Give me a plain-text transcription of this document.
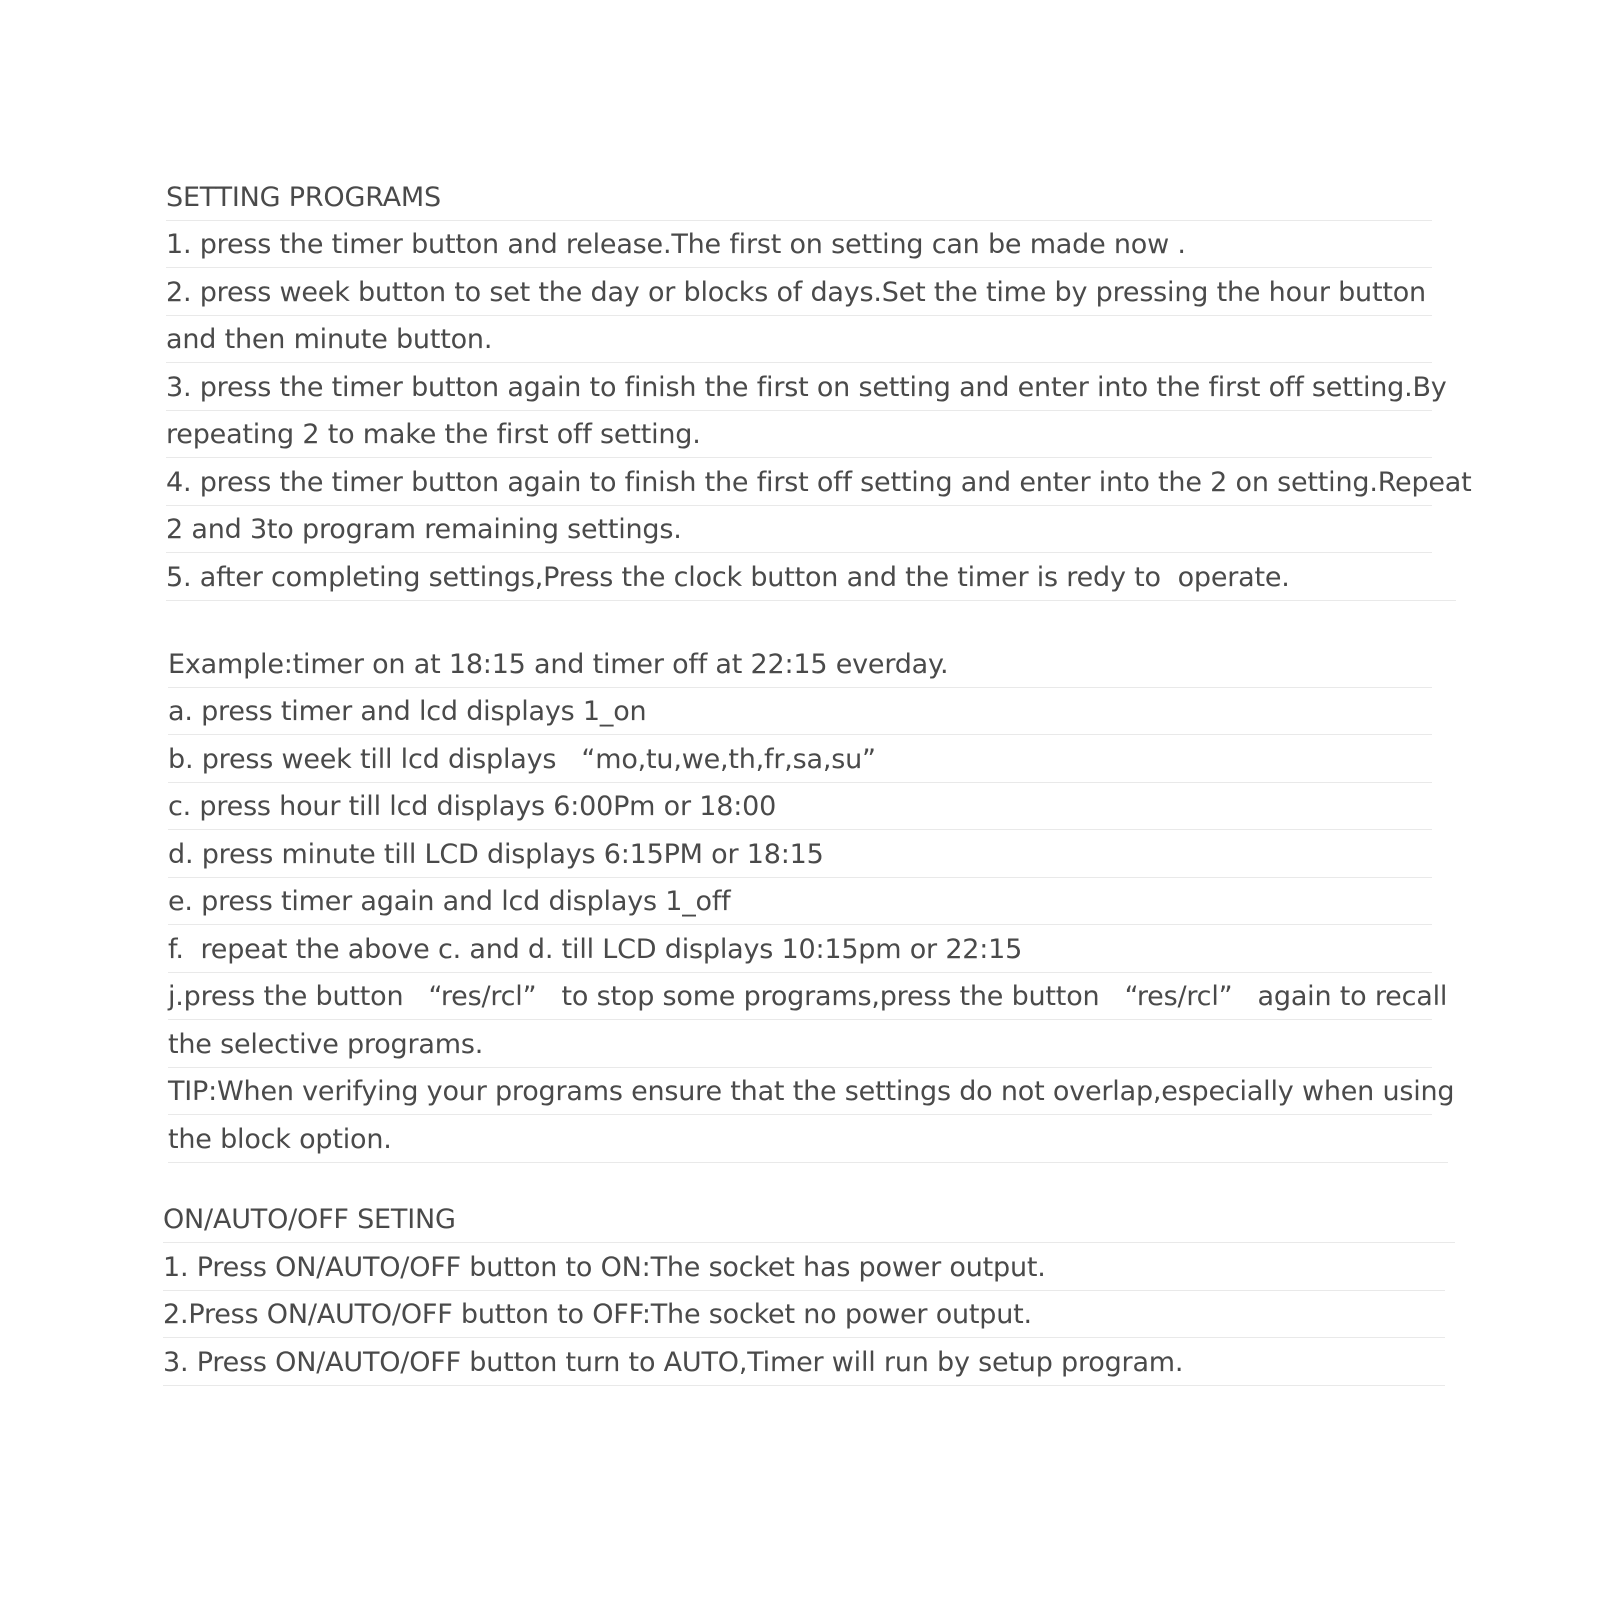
SETTING PROGRAMS
1. press the timer button and release.The first on setting can be made now .
2. press week button to set the day or blocks of days.Set the time by pressing the hour button
and then minute button.
3. press the timer button again to finish the first on setting and enter into the first off setting.By
repeating 2 to make the first off setting.
4. press the timer button again to finish the first off setting and enter into the 2 on setting.Repeat
2 and 3to program remaining settings.
5. after completing settings,Press the clock button and the timer is redy to  operate.
Example:timer on at 18:15 and timer off at 22:15 everday.
a. press timer and lcd displays 1_on
b. press week till lcd displays   “mo,tu,we,th,fr,sa,su”
c. press hour till lcd displays 6:00Pm or 18:00
d. press minute till LCD displays 6:15PM or 18:15
e. press timer again and lcd displays 1_off
f.  repeat the above c. and d. till LCD displays 10:15pm or 22:15
j.press the button   “res/rcl”   to stop some programs,press the button   “res/rcl”   again to recall
the selective programs.
TIP:When verifying your programs ensure that the settings do not overlap,especially when using
the block option.
ON/AUTO/OFF SETING
1. Press ON/AUTO/OFF button to ON:The socket has power output.
2.Press ON/AUTO/OFF button to OFF:The socket no power output.
3. Press ON/AUTO/OFF button turn to AUTO,Timer will run by setup program.
